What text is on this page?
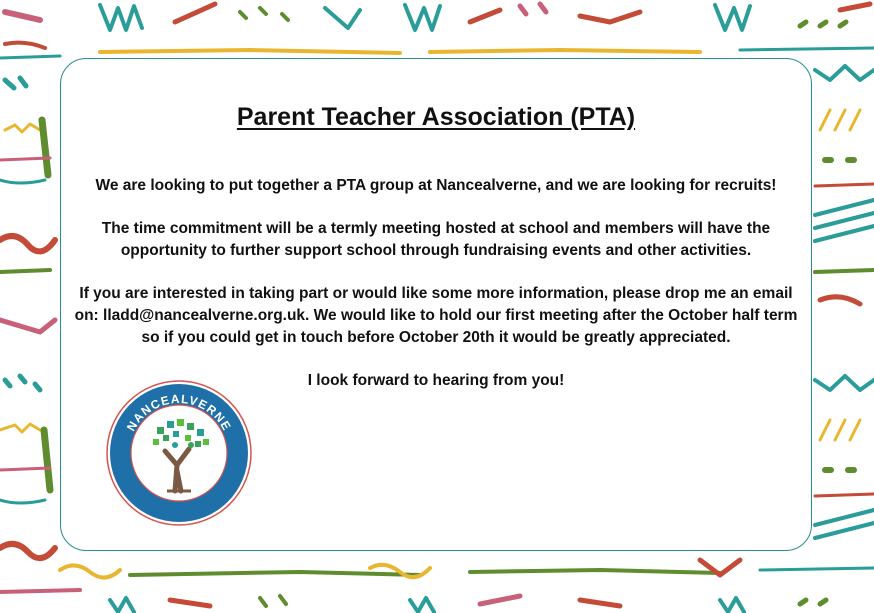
Parent Teacher Association (PTA)

We are looking to put together a PTA group at Nancealverne, and we are looking for recruits!

The time commitment will be a termly meeting hosted at school and members will have the opportunity to further support school through fundraising events and other activities.

If you are interested in taking part or would like some more information, please drop me an email on: lladd@nancealverne.org.uk. We would like to hold our first meeting after the October half term so if you could get in touch before October 20th it would be greatly appreciated.

I look forward to hearing from you!

NANCEALVERNE
SCHOOL
